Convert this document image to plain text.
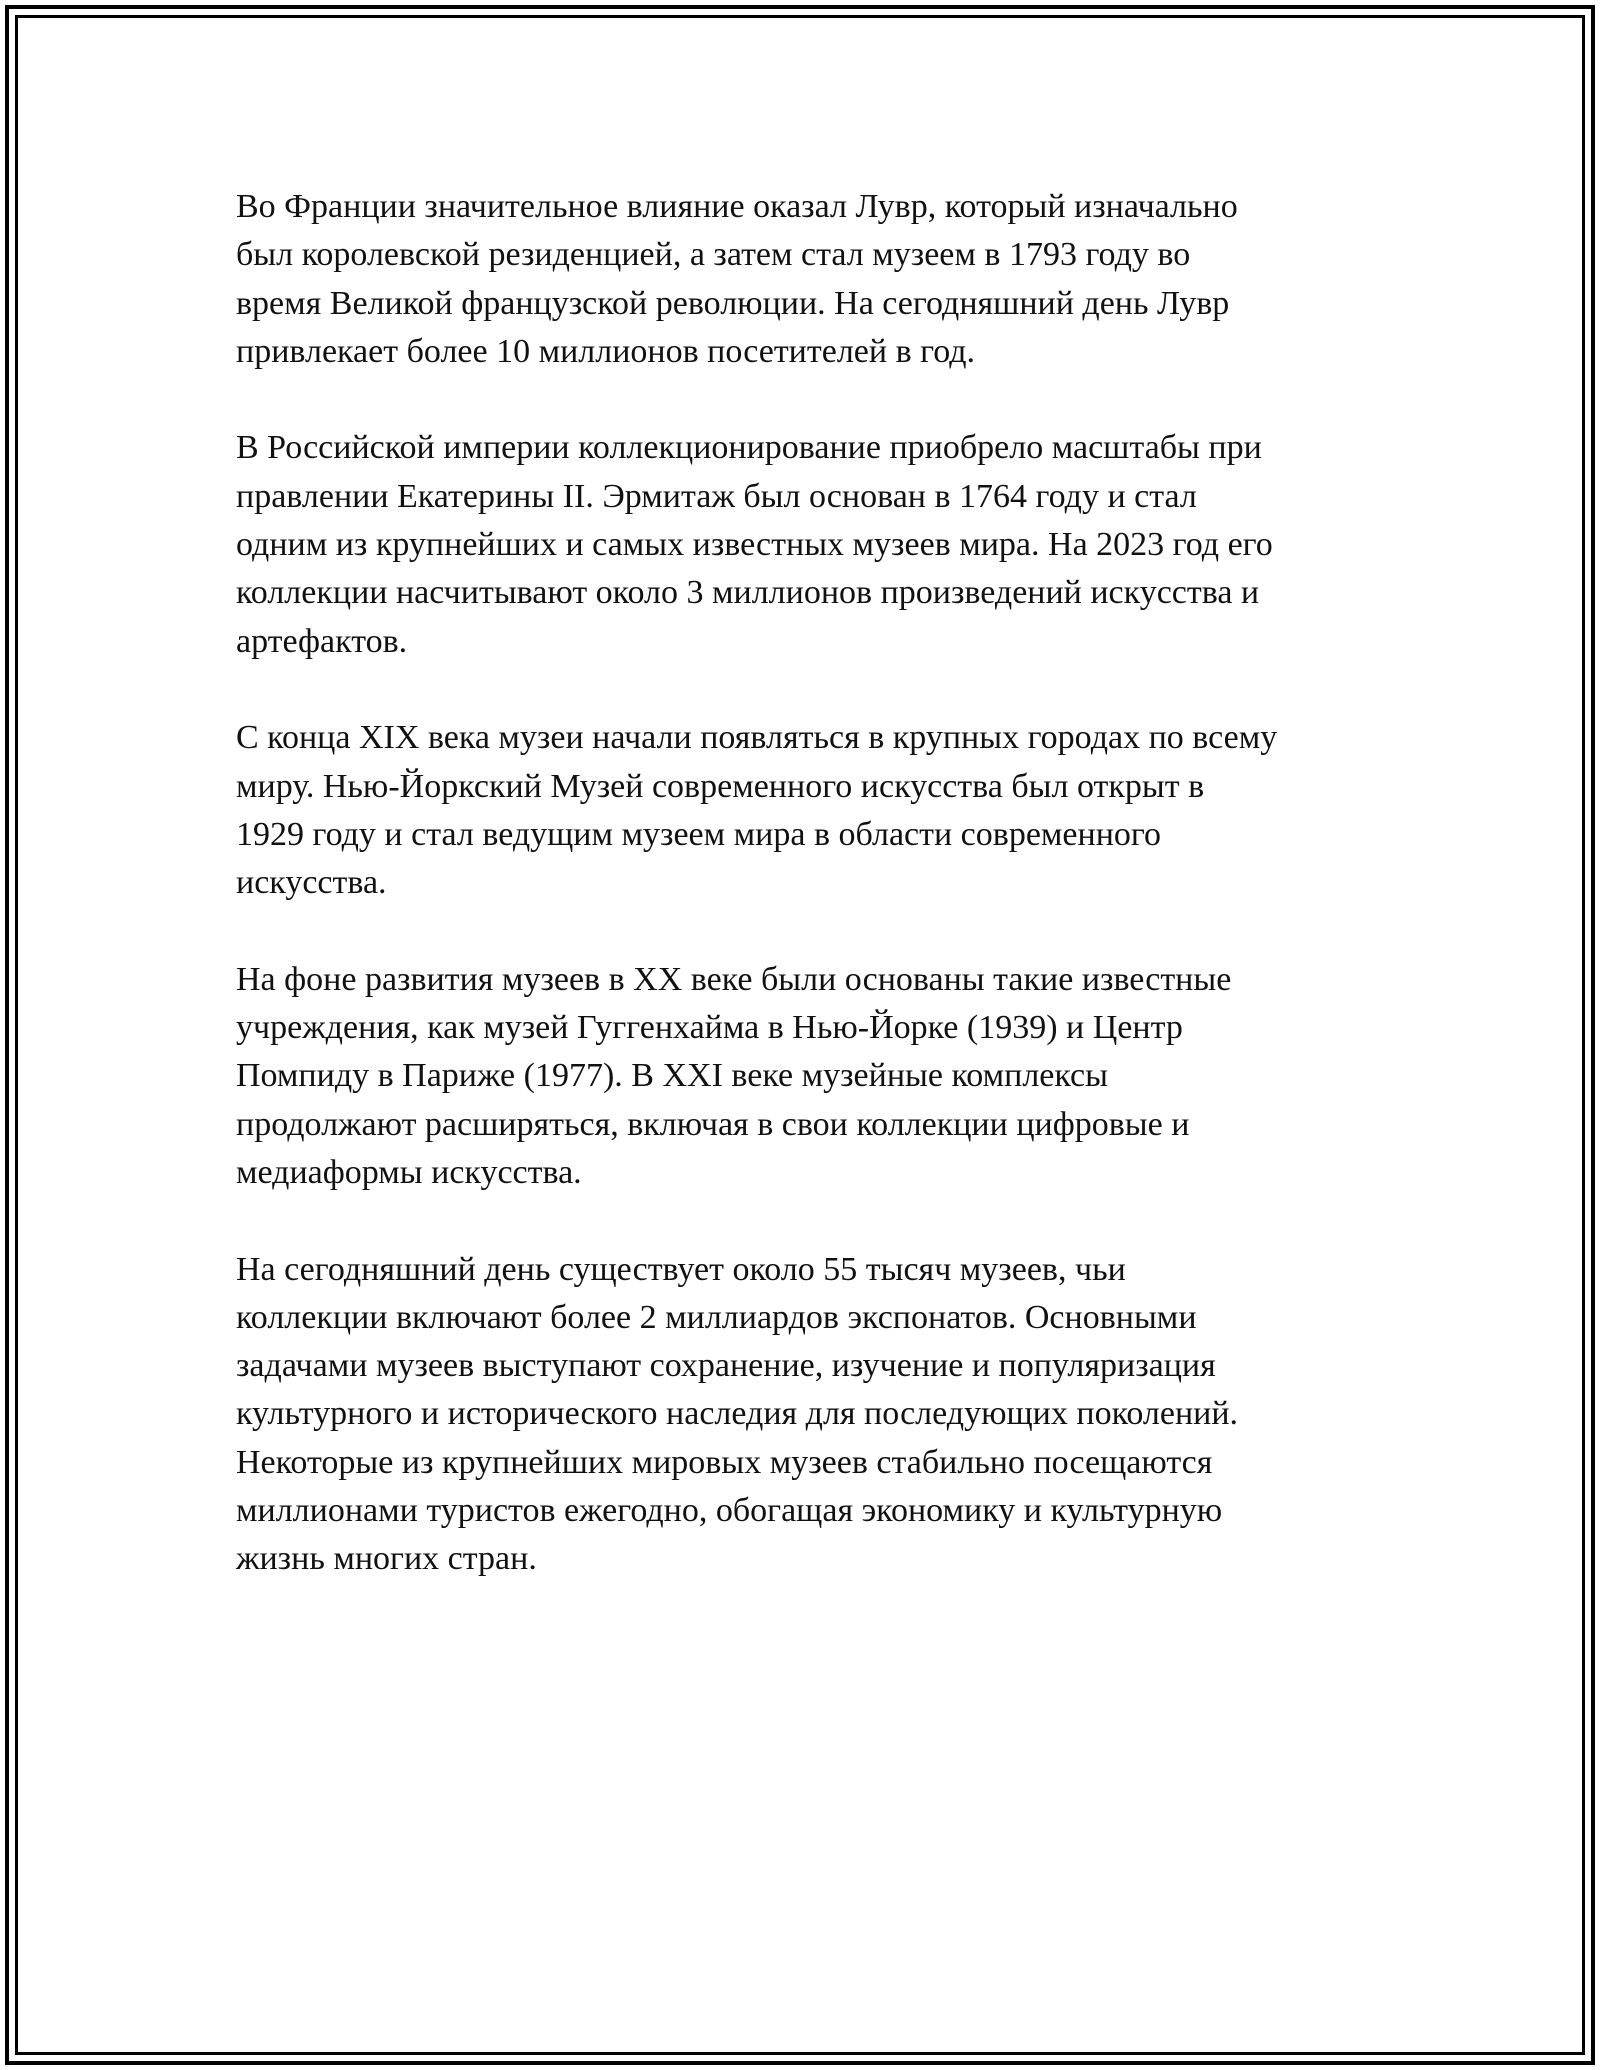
Во Франции значительное влияние оказал Лувр, который изначально
был королевской резиденцией, а затем стал музеем в 1793 году во
время Великой французской революции. На сегодняшний день Лувр
привлекает более 10 миллионов посетителей в год.

В Российской империи коллекционирование приобрело масштабы при
правлении Екатерины II. Эрмитаж был основан в 1764 году и стал
одним из крупнейших и самых известных музеев мира. На 2023 год его
коллекции насчитывают около 3 миллионов произведений искусства и
артефактов.

С конца XIX века музеи начали появляться в крупных городах по всему
миру. Нью-Йоркский Музей современного искусства был открыт в
1929 году и стал ведущим музеем мира в области современного
искусства.

На фоне развития музеев в XX веке были основаны такие известные
учреждения, как музей Гуггенхайма в Нью-Йорке (1939) и Центр
Помпиду в Париже (1977). В XXI веке музейные комплексы
продолжают расширяться, включая в свои коллекции цифровые и
медиаформы искусства.

На сегодняшний день существует около 55 тысяч музеев, чьи
коллекции включают более 2 миллиардов экспонатов. Основными
задачами музеев выступают сохранение, изучение и популяризация
культурного и исторического наследия для последующих поколений.
Некоторые из крупнейших мировых музеев стабильно посещаются
миллионами туристов ежегодно, обогащая экономику и культурную
жизнь многих стран.
